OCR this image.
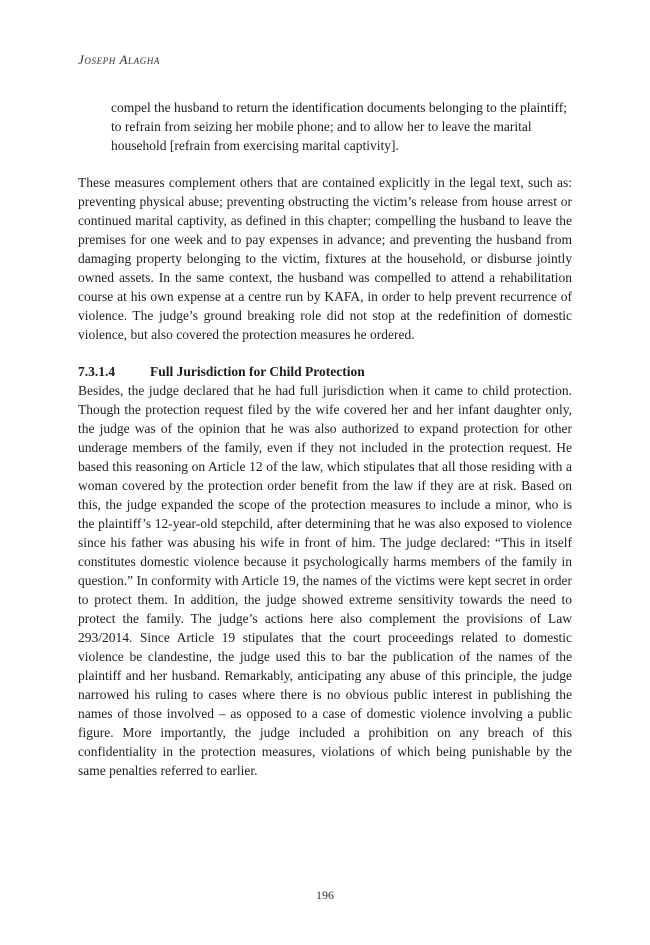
Joseph Alagha

compel the husband to return the identification documents belonging to the plaintiff; to refrain from seizing her mobile phone; and to allow her to leave the marital household [refrain from exercising marital captivity].

These measures complement others that are contained explicitly in the legal text, such as: preventing physical abuse; preventing obstructing the victim’s release from house arrest or continued marital captivity, as defined in this chapter; compelling the husband to leave the premises for one week and to pay expenses in advance; and preventing the husband from damaging property belonging to the victim, fixtures at the household, or disburse jointly owned assets. In the same context, the husband was compelled to attend a rehabilitation course at his own expense at a centre run by KAFA, in order to help prevent recurrence of violence. The judge’s ground breaking role did not stop at the redefinition of domestic violence, but also covered the protection measures he ordered.

7.3.1.4	Full Jurisdiction for Child Protection

Besides, the judge declared that he had full jurisdiction when it came to child protection. Though the protection request filed by the wife covered her and her infant daughter only, the judge was of the opinion that he was also authorized to expand protection for other underage members of the family, even if they not included in the protection request. He based this reasoning on Article 12 of the law, which stipulates that all those residing with a woman covered by the protection order benefit from the law if they are at risk. Based on this, the judge expanded the scope of the protection measures to include a minor, who is the plaintiff’s 12-year-old stepchild, after determining that he was also exposed to violence since his father was abusing his wife in front of him. The judge declared: “This in itself constitutes domestic violence because it psychologically harms members of the family in question.” In conformity with Article 19, the names of the victims were kept secret in order to protect them. In addition, the judge showed extreme sensitivity towards the need to protect the family. The judge’s actions here also complement the provisions of Law 293/2014. Since Article 19 stipulates that the court proceedings related to domestic violence be clandestine, the judge used this to bar the publication of the names of the plaintiff and her husband. Remarkably, anticipating any abuse of this principle, the judge narrowed his ruling to cases where there is no obvious public interest in publishing the names of those involved – as opposed to a case of domestic violence involving a public figure. More importantly, the judge included a prohibition on any breach of this confidentiality in the protection measures, violations of which being punishable by the same penalties referred to earlier.

196
